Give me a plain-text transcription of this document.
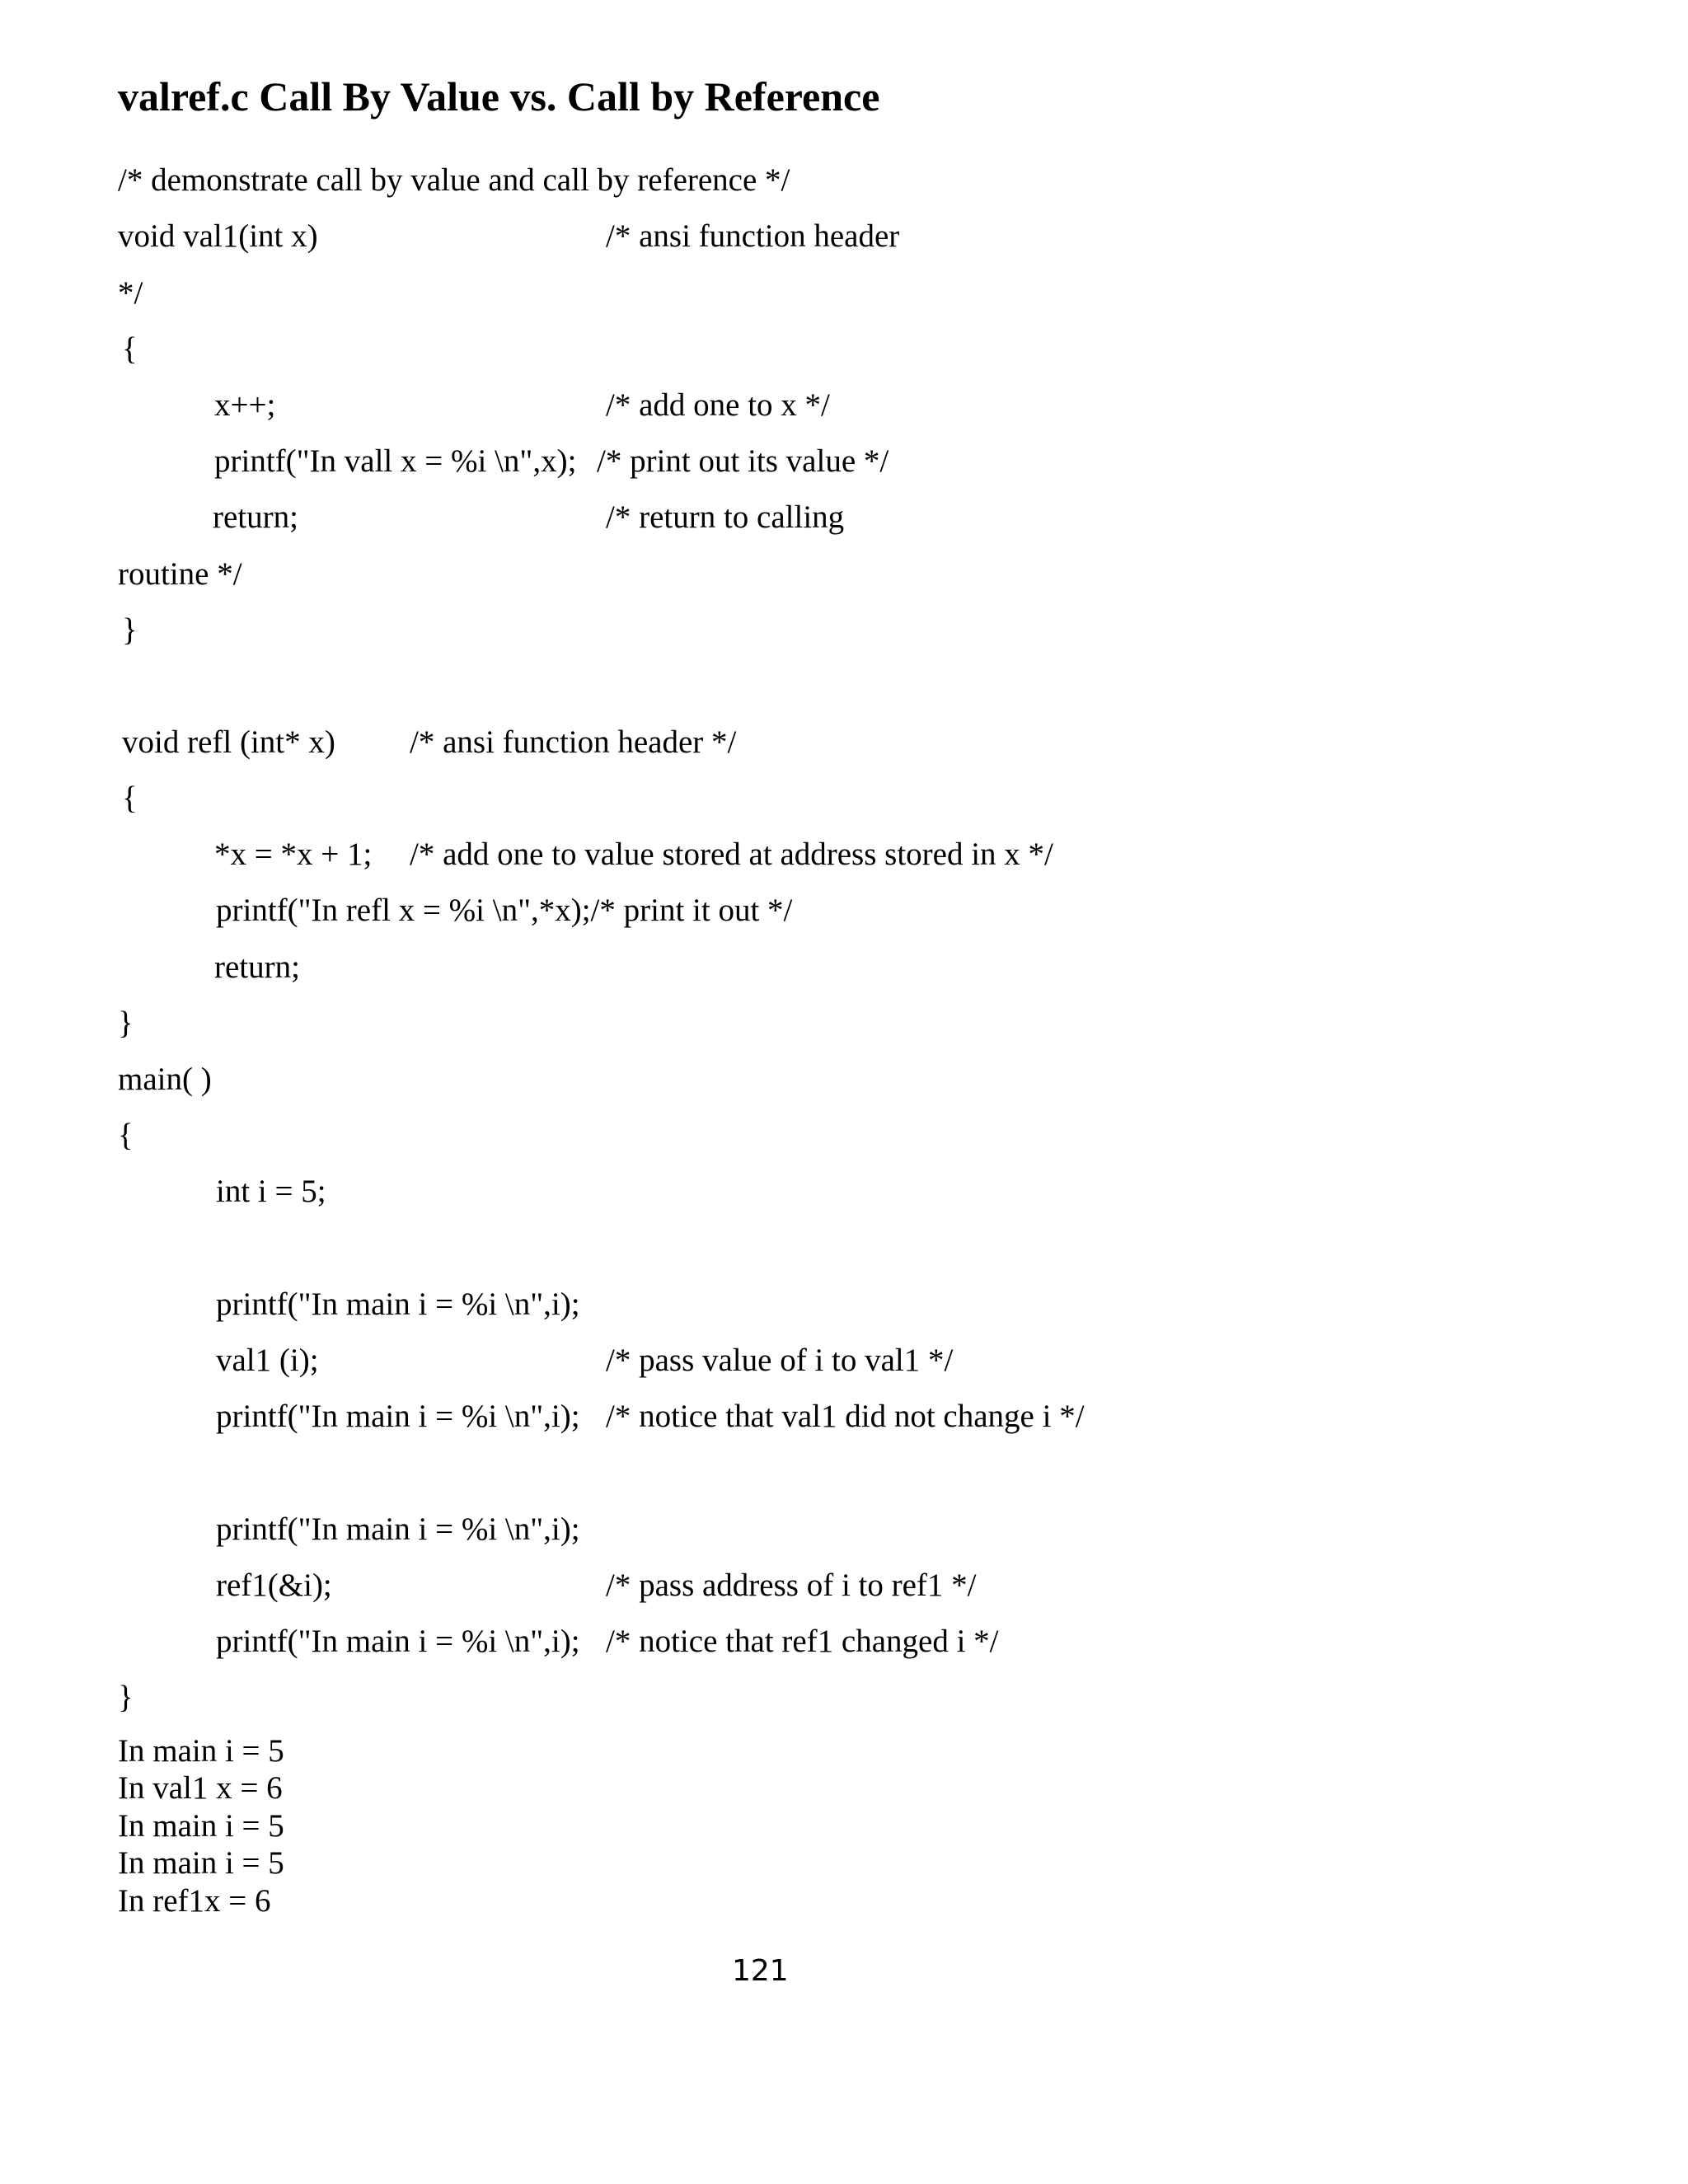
valref.c Call By Value vs. Call by Reference
/* demonstrate call by value and call by reference */
void val1(int x)	/* ansi function header
*/
{
x++;	/* add one to x */
printf("In vall x = %i \n",x); /* print out its value */
return;	/* return to calling
routine */
}
void refl (int* x) /* ansi function header */
{
*x = *x + 1; /* add one to value stored at address stored in x */
printf("In refl x = %i \n",*x);/* print it out */
return;
}
main( )
{
int i = 5;
printf("In main i = %i \n",i);
val1 (i);	/* pass value of i to val1 */
printf("In main i = %i \n",i); /* notice that val1 did not change i */
printf("In main i = %i \n",i);
ref1(&i);	/* pass address of i to ref1 */
printf("In main i = %i \n",i); /* notice that ref1 changed i */
}
In main i = 5
In val1 x = 6
In main i = 5
In main i = 5
In ref1x = 6
121
